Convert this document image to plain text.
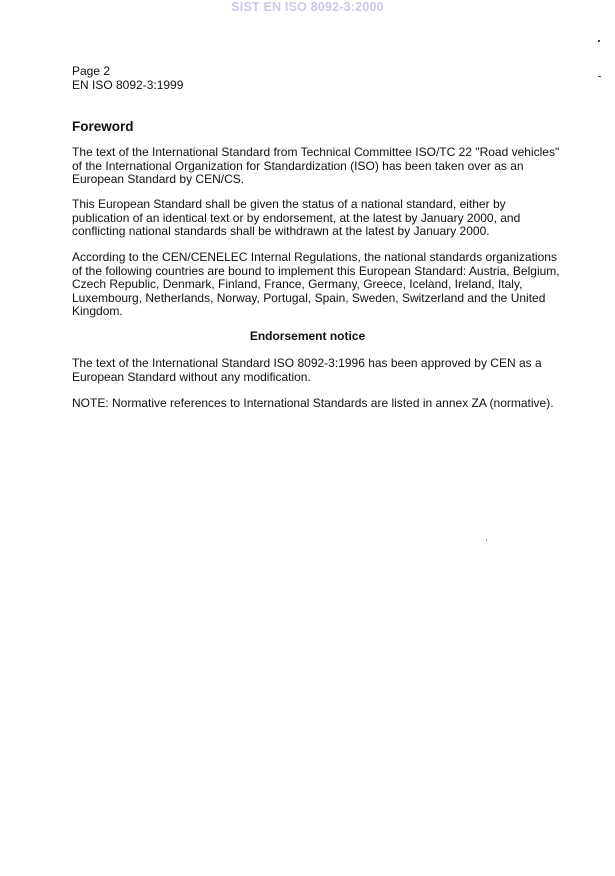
SIST EN ISO 8092-3:2000
Page 2
EN ISO 8092-3:1999
Foreword
The text of the International Standard from Technical Committee ISO/TC 22 "Road vehicles" of the International Organization for Standardization (ISO) has been taken over as an European Standard by CEN/CS.
This European Standard shall be given the status of a national standard, either by publication of an identical text or by endorsement, at the latest by January 2000, and conflicting national standards shall be withdrawn at the latest by January 2000.
According to the CEN/CENELEC Internal Regulations, the national standards organizations of the following countries are bound to implement this European Standard: Austria, Belgium, Czech Republic, Denmark, Finland, France, Germany, Greece, Iceland, Ireland, Italy, Luxembourg, Netherlands, Norway, Portugal, Spain, Sweden, Switzerland and the United Kingdom.
Endorsement notice
The text of the International Standard ISO 8092-3:1996 has been approved by CEN as a European Standard without any modification.
NOTE: Normative references to International Standards are listed in annex ZA (normative).
